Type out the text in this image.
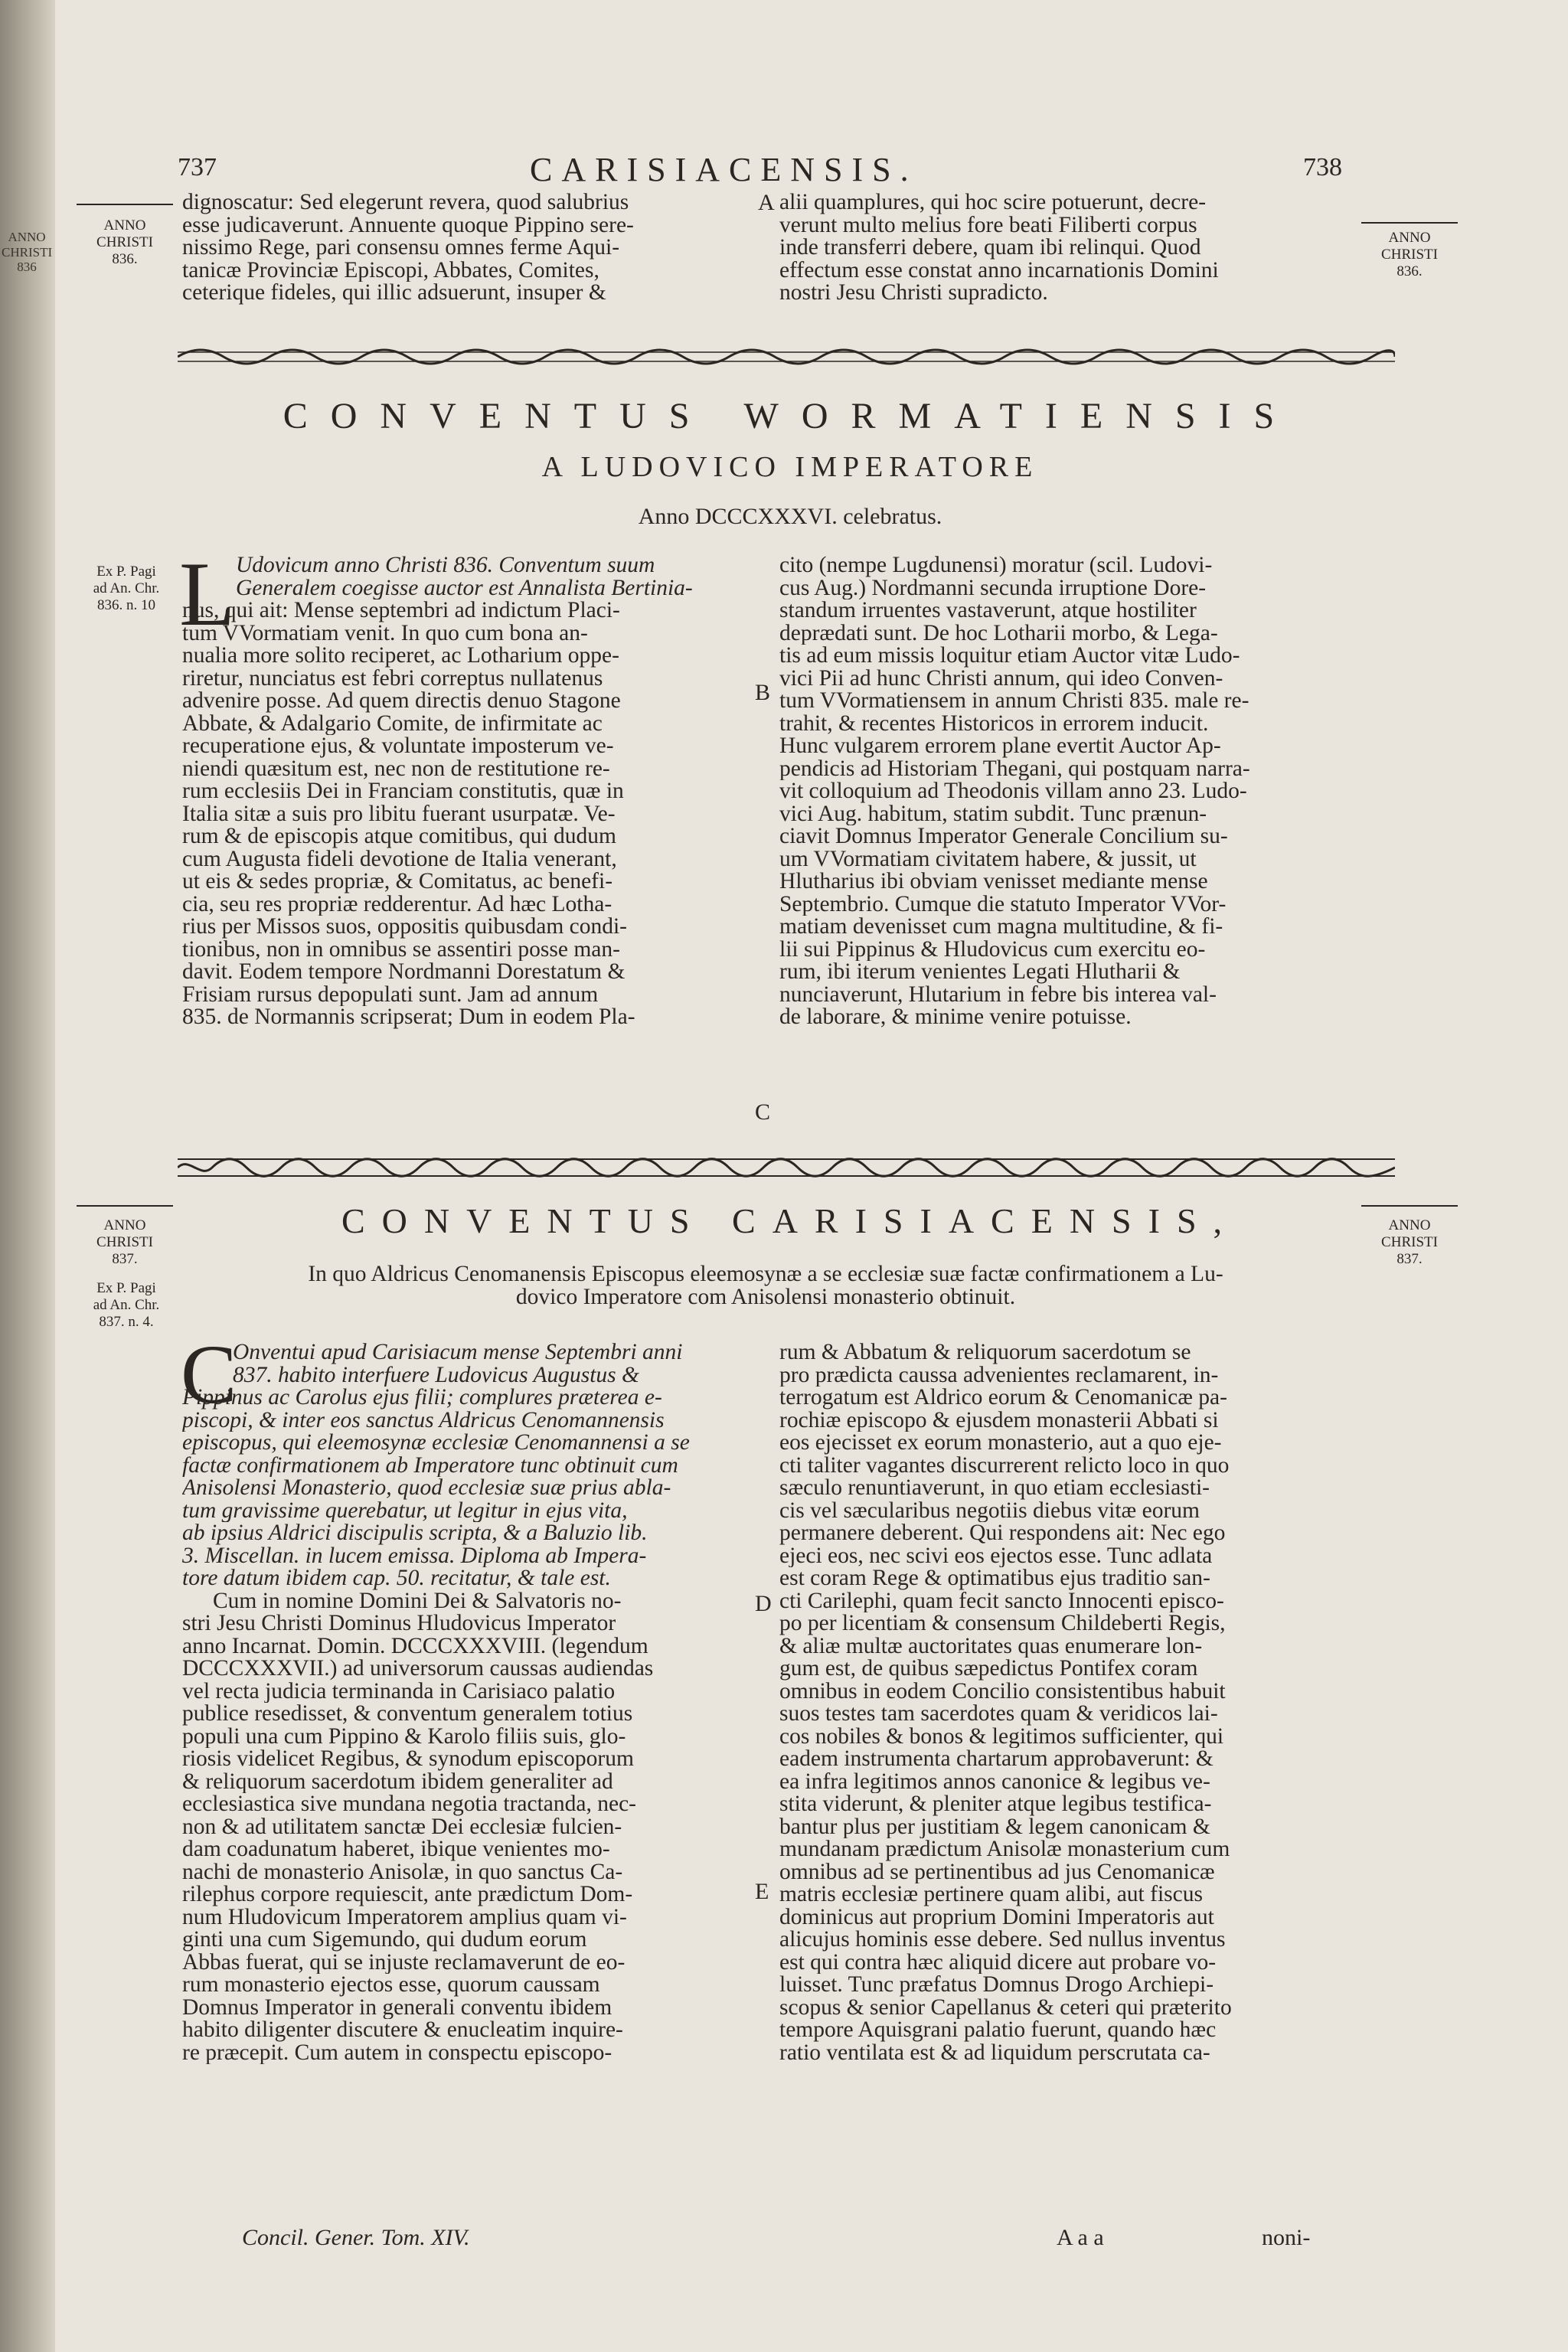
ANNO
CHRISTI
836
737	CARISIACENSIS.	738
ANNO
CHRISTI
836.
ANNO
CHRISTI
836.
dignoscatur: Sed elegerunt revera, quod salubrius
esse judicaverunt. Annuente quoque Pippino sere-
nissimo Rege, pari consensu omnes ferme Aqui-
tanicæ Provinciæ Episcopi, Abbates, Comites,
ceterique fideles, qui illic adsuerunt, insuper &
A alii quamplures, qui hoc scire potuerunt, decre-
verunt multo melius fore beati Filiberti corpus
inde transferri debere, quam ibi relinqui. Quod
effectum esse constat anno incarnationis Domini
nostri Jesu Christi supradicto.
CONVENTUS WORMATIENSIS
A LUDOVICO IMPERATORE
Anno DCCCXXXVI. celebratus.
Ex P. Pagi
ad An. Chr.
836. n. 10 L Udovicum anno Christi 836. Conventum suum
Generalem coegisse auctor est Annalista Bertinia-
nus, qui ait: Mense septembri ad indictum Placi-
tum VVormatiam venit. In quo cum bona an-
nualia more solito reciperet, ac Lotharium oppe-
riretur, nunciatus est febri correptus nullatenus
advenire posse. Ad quem directis denuo Stagone
Abbate, & Adalgario Comite, de infirmitate ac
recuperatione ejus, & voluntate imposterum ve-
niendi quæsitum est, nec non de restitutione re-
rum ecclesiis Dei in Franciam constitutis, quæ in
Italia sitæ a suis pro libitu fuerant usurpatæ. Ve-
rum & de episcopis atque comitibus, qui dudum
cum Augusta fideli devotione de Italia venerant,
ut eis & sedes propriæ, & Comitatus, ac benefi-
cia, seu res propriæ redderentur. Ad hæc Lotha-
rius per Missos suos, oppositis quibusdam condi-
tionibus, non in omnibus se assentiri posse man-
davit. Eodem tempore Nordmanni Dorestatum &
Frisiam rursus depopulati sunt. Jam ad annum
835. de Normannis scripserat; Dum in eodem Pla-
B
C
cito (nempe Lugdunensi) moratur (scil. Ludovi-
cus Aug.) Nordmanni secunda irruptione Dore-
standum irruentes vastaverunt, atque hostiliter
deprædati sunt. De hoc Lotharii morbo, & Lega-
tis ad eum missis loquitur etiam Auctor vitæ Ludo-
vici Pii ad hunc Christi annum, qui ideo Conven-
tum VVormatiensem in annum Christi 835. male re-
trahit, & recentes Historicos in errorem inducit.
Hunc vulgarem errorem plane evertit Auctor Ap-
pendicis ad Historiam Thegani, qui postquam narra-
vit colloquium ad Theodonis villam anno 23. Ludo-
vici Aug. habitum, statim subdit. Tunc prænun-
ciavit Domnus Imperator Generale Concilium su-
um VVormatiam civitatem habere, & jussit, ut
Hlutharius ibi obviam venisset mediante mense
Septembrio. Cumque die statuto Imperator VVor-
matiam devenisset cum magna multitudine, & fi-
lii sui Pippinus & Hludovicus cum exercitu eo-
rum, ibi iterum venientes Legati Hlutharii &
nunciaverunt, Hlutarium in febre bis interea val-
de laborare, & minime venire potuisse.
ANNO
CHRISTI
837.
Ex P. Pagi
ad An. Chr.
837. n. 4.
ANNO
CHRISTI
837.
CONVENTUS CARISIACENSIS,
In quo Aldricus Cenomanensis Episcopus eleemosynæ a se ecclesiæ suæ factæ confirmationem a Lu-
dovico Imperatore com Anisolensi monasterio obtinuit.
C
Onventui apud Carisiacum mense Septembri anni
837. habito interfuere Ludovicus Augustus &
Pippinus ac Carolus ejus filii; complures præterea e-
piscopi, & inter eos sanctus Aldricus Cenomannensis
episcopus, qui eleemosynæ ecclesiæ Cenomannensi a se
factæ confirmationem ab Imperatore tunc obtinuit cum
Anisolensi Monasterio, quod ecclesiæ suæ prius abla-
tum gravissime querebatur, ut legitur in ejus vita,
ab ipsius Aldrici discipulis scripta, & a Baluzio lib.
3. Miscellan. in lucem emissa. Diploma ab Impera-
tore datum ibidem cap. 50. recitatur, & tale est.
Cum in nomine Domini Dei & Salvatoris no-
stri Jesu Christi Dominus Hludovicus Imperator
anno Incarnat. Domin. DCCCXXXVIII. (legendum
DCCCXXXVII.) ad universorum caussas audiendas
vel recta judicia terminanda in Carisiaco palatio
publice resedisset, & conventum generalem totius
populi una cum Pippino & Karolo filiis suis, glo-
riosis videlicet Regibus, & synodum episcoporum
& reliquorum sacerdotum ibidem generaliter ad
ecclesiastica sive mundana negotia tractanda, nec-
non & ad utilitatem sanctæ Dei ecclesiæ fulcien-
dam coadunatum haberet, ibique venientes mo-
nachi de monasterio Anisolæ, in quo sanctus Ca-
rilephus corpore requiescit, ante prædictum Dom-
num Hludovicum Imperatorem amplius quam vi-
ginti una cum Sigemundo, qui dudum eorum
Abbas fuerat, qui se injuste reclamaverunt de eo-
rum monasterio ejectos esse, quorum caussam
Domnus Imperator in generali conventu ibidem
habito diligenter discutere & enucleatim inquire-
re præcepit. Cum autem in conspectu episcopo-
D
E
rum & Abbatum & reliquorum sacerdotum se
pro prædicta caussa advenientes reclamarent, in-
terrogatum est Aldrico eorum & Cenomanicæ pa-
rochiæ episcopo & ejusdem monasterii Abbati si
eos ejecisset ex eorum monasterio, aut a quo eje-
cti taliter vagantes discurrerent relicto loco in quo
sæculo renuntiaverunt, in quo etiam ecclesiasti-
cis vel sæcularibus negotiis diebus vitæ eorum
permanere deberent. Qui respondens ait: Nec ego
ejeci eos, nec scivi eos ejectos esse. Tunc adlata
est coram Rege & optimatibus ejus traditio san-
cti Carilephi, quam fecit sancto Innocenti episco-
po per licentiam & consensum Childeberti Regis,
& aliæ multæ auctoritates quas enumerare lon-
gum est, de quibus sæpedictus Pontifex coram
omnibus in eodem Concilio consistentibus habuit
suos testes tam sacerdotes quam & veridicos lai-
cos nobiles & bonos & legitimos sufficienter, qui
eadem instrumenta chartarum approbaverunt: &
ea infra legitimos annos canonice & legibus ve-
stita viderunt, & pleniter atque legibus testifica-
bantur plus per justitiam & legem canonicam &
mundanam prædictum Anisolæ monasterium cum
omnibus ad se pertinentibus ad jus Cenomanicæ
matris ecclesiæ pertinere quam alibi, aut fiscus
dominicus aut proprium Domini Imperatoris aut
alicujus hominis esse debere. Sed nullus inventus
est qui contra hæc aliquid dicere aut probare vo-
luisset. Tunc præfatus Domnus Drogo Archiepi-
scopus & senior Capellanus & ceteri qui præterito
tempore Aquisgrani palatio fuerunt, quando hæc
ratio ventilata est & ad liquidum perscrutata ca-
Concil. Gener. Tom. XIV.	A a a	noni-
